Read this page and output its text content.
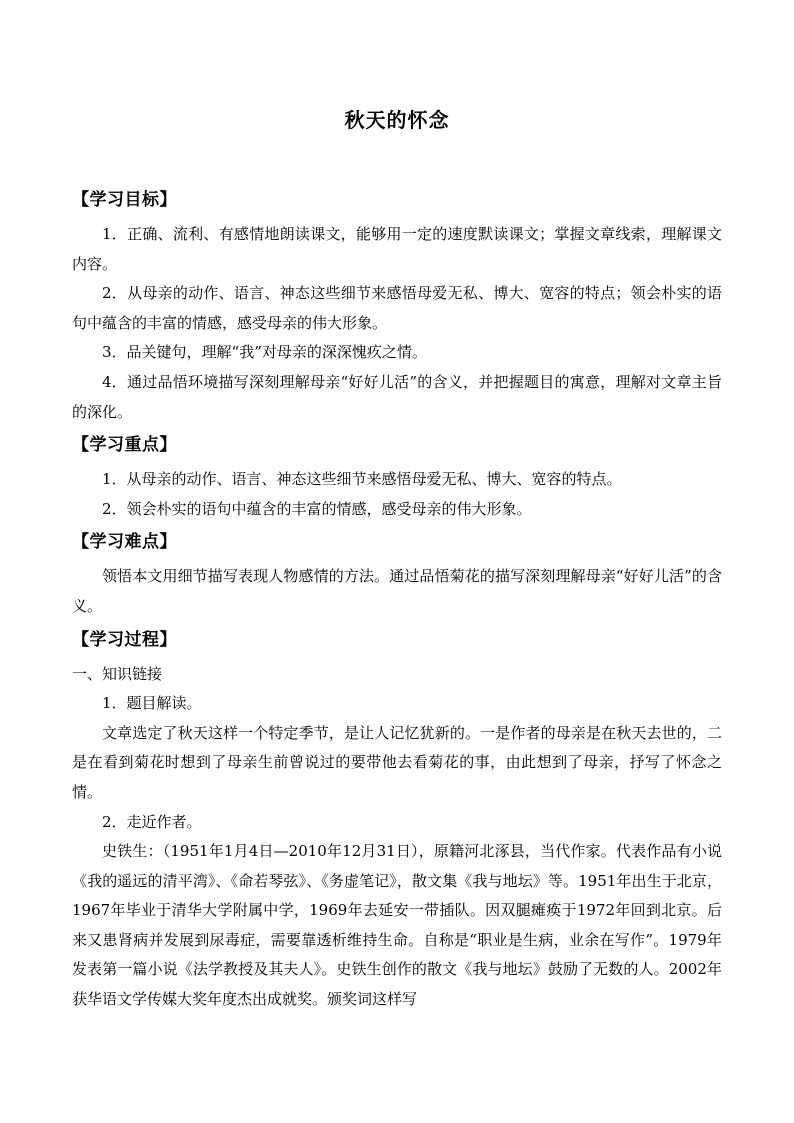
秋天的怀念
【学习目标】

1．正确、流利、有感情地朗读课文，能够用一定的速度默读课文；掌握文章线索，理解课文内容。

2．从母亲的动作、语言、神态这些细节来感悟母爱无私、博大、宽容的特点；领会朴实的语句中蕴含的丰富的情感，感受母亲的伟大形象。

3．品关键句，理解“我”对母亲的深深愧疚之情。

4．通过品悟环境描写深刻理解母亲“好好儿活”的含义，并把握题目的寓意，理解对文章主旨的深化。

【学习重点】

1．从母亲的动作、语言、神态这些细节来感悟母爱无私、博大、宽容的特点。

2．领会朴实的语句中蕴含的丰富的情感，感受母亲的伟大形象。

【学习难点】

领悟本文用细节描写表现人物感情的方法。通过品悟菊花的描写深刻理解母亲“好好儿活”的含义。

【学习过程】

一、知识链接

1．题目解读。

文章选定了秋天这样一个特定季节，是让人记忆犹新的。一是作者的母亲是在秋天去世的，二是在看到菊花时想到了母亲生前曾说过的要带他去看菊花的事，由此想到了母亲，抒写了怀念之情。

2．走近作者。

史铁生：（1951年1月4日—2010年12月31日），原籍河北涿县，当代作家。代表作品有小说《我的遥远的清平湾》、《命若琴弦》、《务虚笔记》，散文集《我与地坛》等。1951年出生于北京，1967年毕业于清华大学附属中学，1969年去延安一带插队。因双腿瘫痪于1972年回到北京。后来又患肾病并发展到尿毒症，需要靠透析维持生命。自称是“职业是生病，业余在写作”。1979年发表第一篇小说《法学教授及其夫人》。史铁生创作的散文《我与地坛》鼓励了无数的人。2002年获华语文学传媒大奖年度杰出成就奖。颁奖词这样写
